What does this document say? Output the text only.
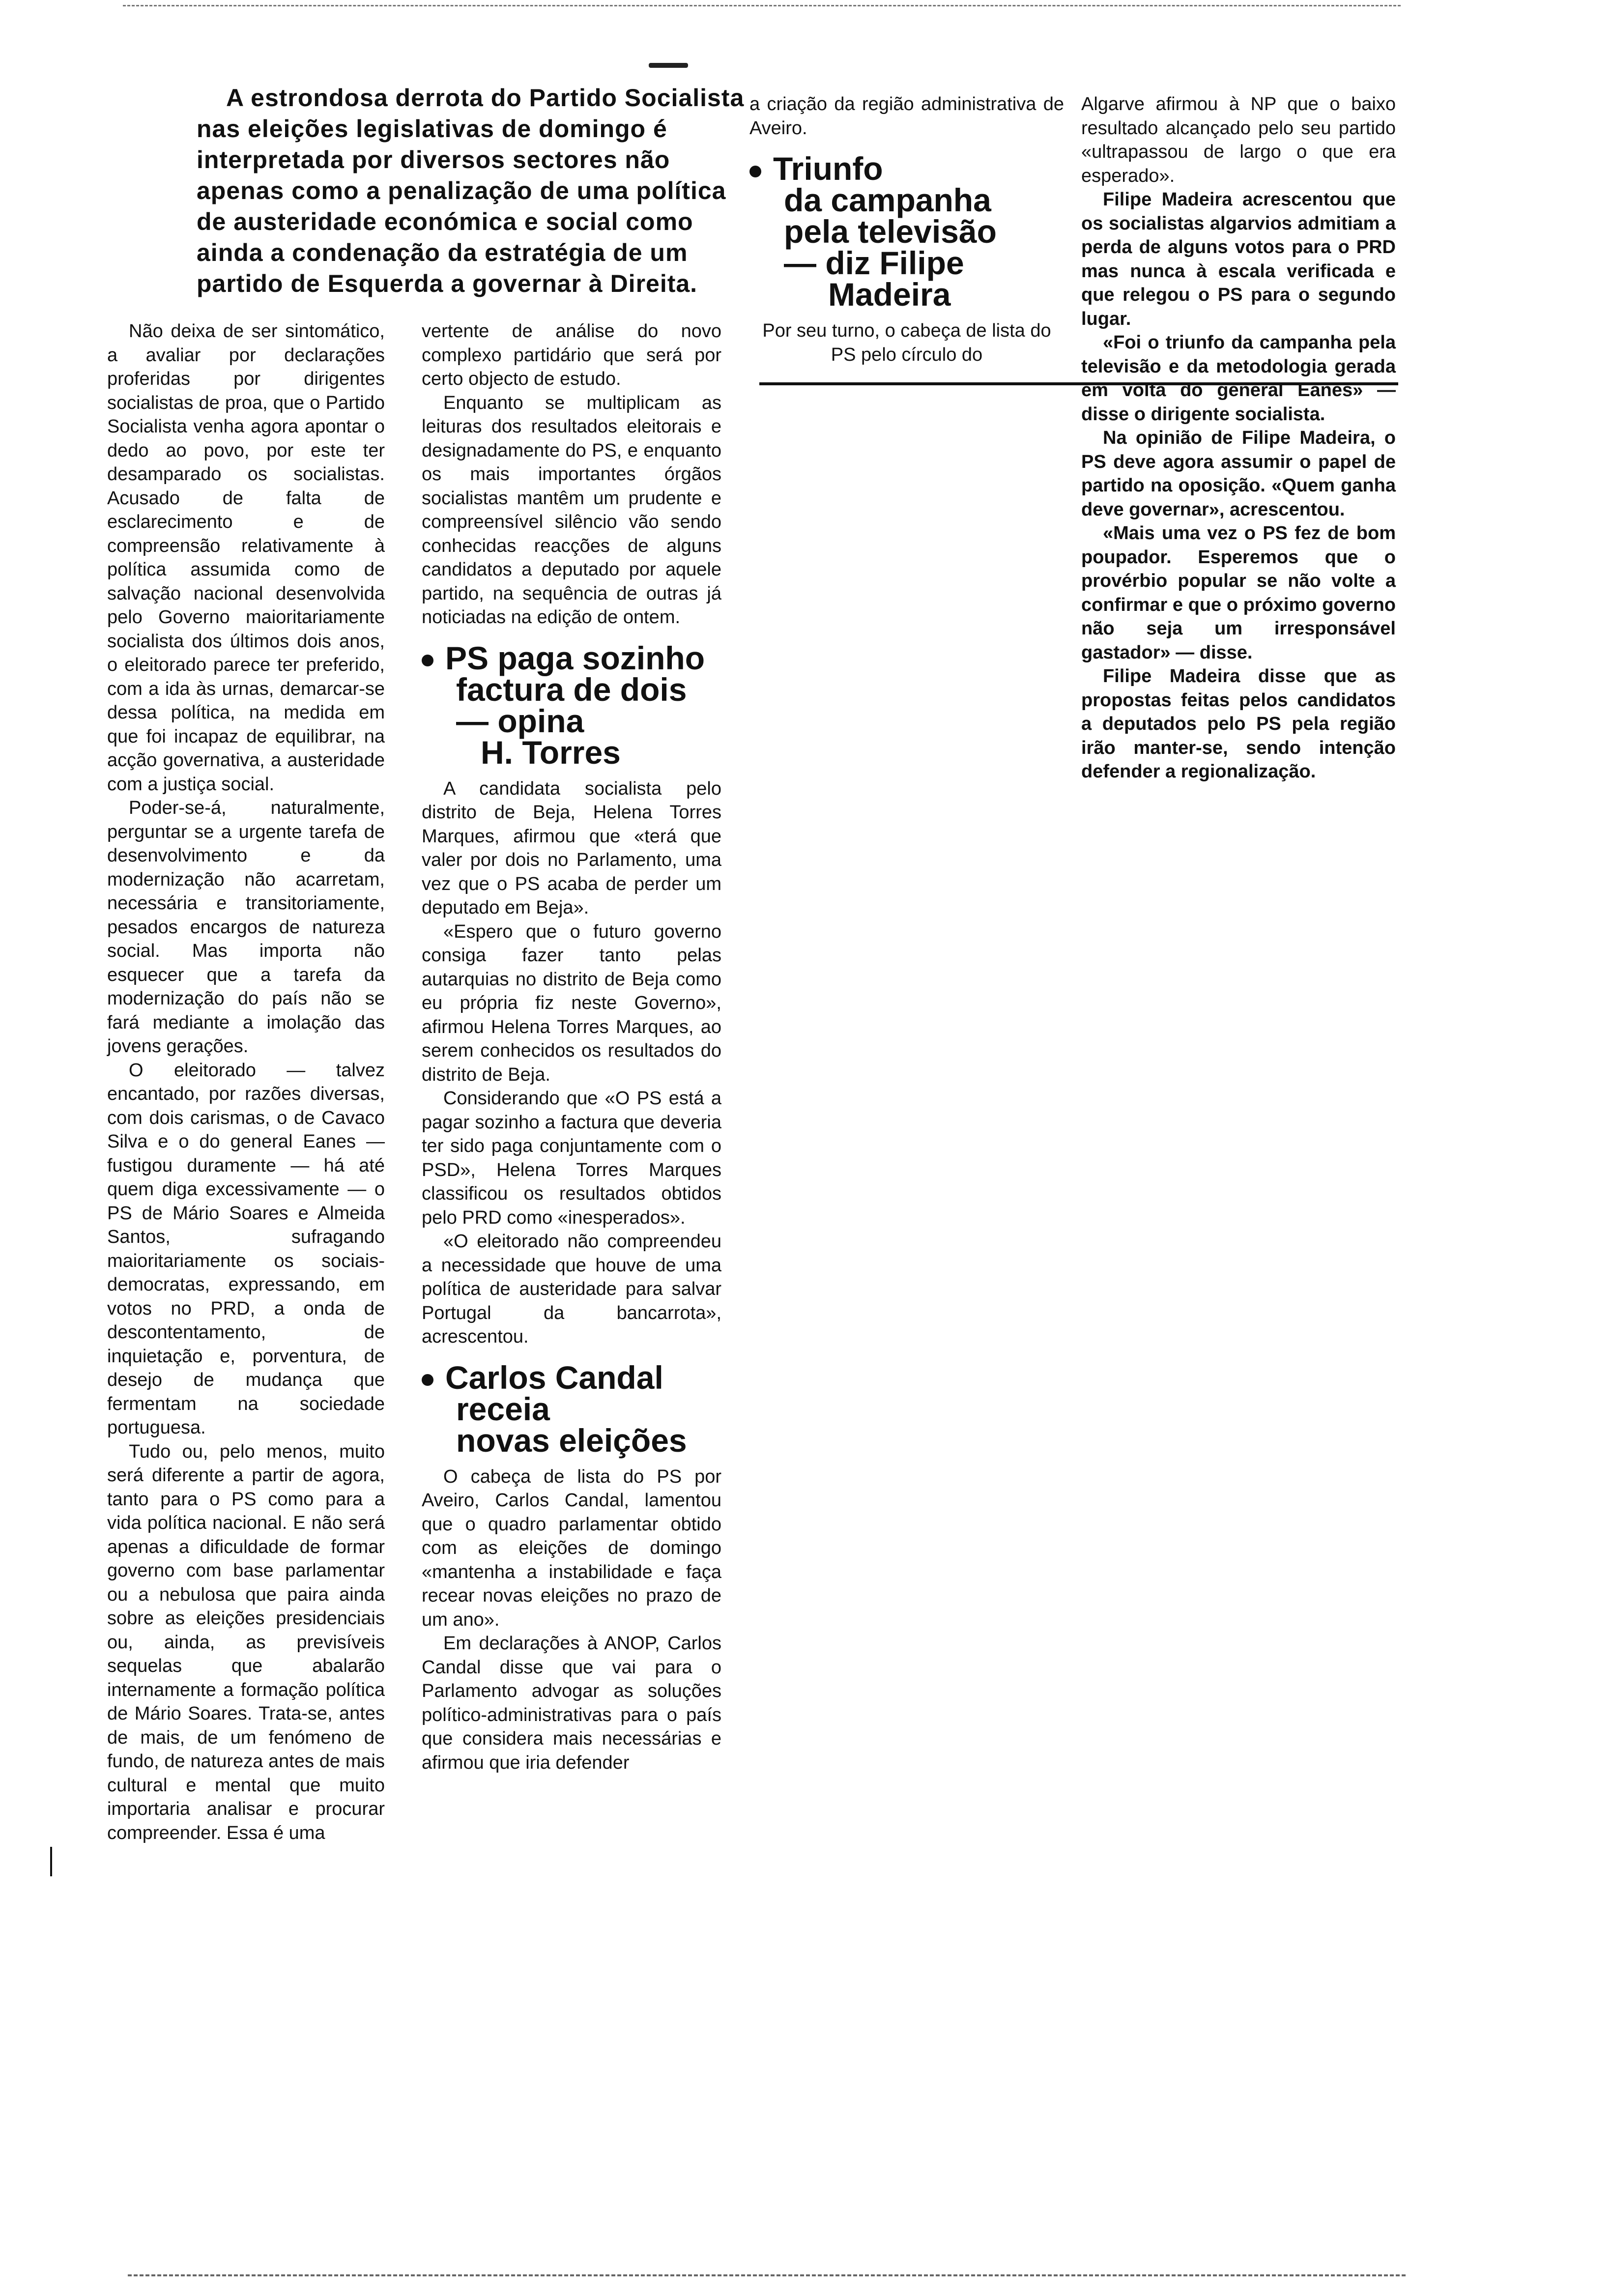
A estrondosa derrota do Partido Socialista nas eleições legislativas de domingo é interpretada por diversos sectores não apenas como a penalização de uma política de austeridade económica e social como ainda a condenação da estratégia de um partido de Esquerda a governar à Direita.

Não deixa de ser sintomático, a avaliar por declarações proferidas por dirigentes socialistas de proa, que o Partido Socialista venha agora apontar o dedo ao povo, por este ter desamparado os socialistas. Acusado de falta de esclarecimento e de compreensão relativamente à política assumida como de salvação nacional desenvolvida pelo Governo maioritariamente socialista dos últimos dois anos, o eleitorado parece ter preferido, com a ida às urnas, demarcar-se dessa política, na medida em que foi incapaz de equilibrar, na acção governativa, a austeridade com a justiça social.

Poder-se-á, naturalmente, perguntar se a urgente tarefa de desenvolvimento e da modernização não acarretam, necessária e transitoriamente, pesados encargos de natureza social. Mas importa não esquecer que a tarefa da modernização do país não se fará mediante a imolação das jovens gerações.

O eleitorado — talvez encantado, por razões diversas, com dois carismas, o de Cavaco Silva e o do general Eanes — fustigou duramente — há até quem diga excessivamente — o PS de Mário Soares e Almeida Santos, sufragando maioritariamente os sociais-democratas, expressando, em votos no PRD, a onda de descontentamento, de inquietação e, porventura, de desejo de mudança que fermentam na sociedade portuguesa.

Tudo ou, pelo menos, muito será diferente a partir de agora, tanto para o PS como para a vida política nacional. E não será apenas a dificuldade de formar governo com base parlamentar ou a nebulosa que paira ainda sobre as eleições presidenciais ou, ainda, as previsíveis sequelas que abalarão internamente a formação política de Mário Soares. Trata-se, antes de mais, de um fenómeno de fundo, de natureza antes de mais cultural e mental que muito importaria analisar e procurar compreender. Essa é uma

vertente de análise do novo complexo partidário que será por certo objecto de estudo.

Enquanto se multiplicam as leituras dos resultados eleitorais e designadamente do PS, e enquanto os mais importantes órgãos socialistas mantêm um prudente e compreensível silêncio vão sendo conhecidas reacções de alguns candidatos a deputado por aquele partido, na sequência de outras já noticiadas na edição de ontem.

PS paga sozinho
factura de dois
— opina
H. Torres

A candidata socialista pelo distrito de Beja, Helena Torres Marques, afirmou que «terá que valer por dois no Parlamento, uma vez que o PS acaba de perder um deputado em Beja».

«Espero que o futuro governo consiga fazer tanto pelas autarquias no distrito de Beja como eu própria fiz neste Governo», afirmou Helena Torres Marques, ao serem conhecidos os resultados do distrito de Beja.

Considerando que «O PS está a pagar sozinho a factura que deveria ter sido paga conjuntamente com o PSD», Helena Torres Marques classificou os resultados obtidos pelo PRD como «inesperados».

«O eleitorado não compreendeu a necessidade que houve de uma política de austeridade para salvar Portugal da bancarrota», acrescentou.

Carlos Candal
receia
novas eleições

O cabeça de lista do PS por Aveiro, Carlos Candal, lamentou que o quadro parlamentar obtido com as eleições de domingo «mantenha a instabilidade e faça recear novas eleições no prazo de um ano».

Em declarações à ANOP, Carlos Candal disse que vai para o Parlamento advogar as soluções político-administrativas para o país que considera mais necessárias e afirmou que iria defender

a criação da região administrativa de Aveiro.

Triunfo
da campanha
pela televisão
— diz Filipe
Madeira

Por seu turno, o cabeça de lista do PS pelo círculo do

Algarve afirmou à NP que o baixo resultado alcançado pelo seu partido «ultrapassou de largo o que era esperado».

Filipe Madeira acrescentou que os socialistas algarvios admitiam a perda de alguns votos para o PRD mas nunca à escala verificada e que relegou o PS para o segundo lugar.

«Foi o triunfo da campanha pela televisão e da metodologia gerada em volta do general Eanes» — disse o dirigente socialista.

Na opinião de Filipe Madeira, o PS deve agora assumir o papel de partido na oposição. «Quem ganha deve governar», acrescentou.

«Mais uma vez o PS fez de bom poupador. Esperemos que o provérbio popular se não volte a confirmar e que o próximo governo não seja um irresponsável gastador» — disse.

Filipe Madeira disse que as propostas feitas pelos candidatos a deputados pelo PS pela região irão manter-se, sendo intenção defender a regionalização.
